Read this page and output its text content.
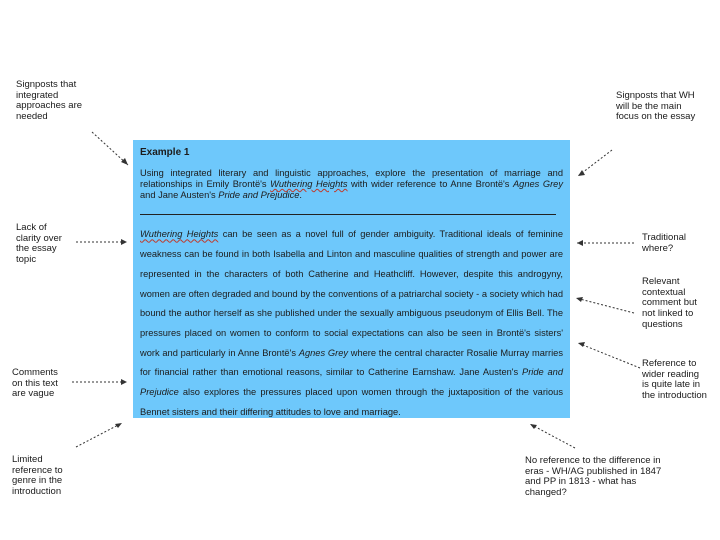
Signposts that integrated approaches are needed
Signposts that WH will be the main focus on the essay
Lack of clarity over the essay topic
Traditional where?
Relevant contextual comment but not linked to questions
Comments on this text are vague
Reference to wider reading is quite late in the introduction
Limited reference to genre in the introduction
No reference to the difference in eras - WH/AG published in 1847 and PP in 1813 - what has changed?
Example 1

Using integrated literary and linguistic approaches, explore the presentation of marriage and relationships in Emily Brontë's Wuthering Heights with wider reference to Anne Brontë's Agnes Grey and Jane Austen's Pride and Prejudice.

Wuthering Heights can be seen as a novel full of gender ambiguity. Traditional ideals of feminine weakness can be found in both Isabella and Linton and masculine qualities of strength and power are represented in the characters of both Catherine and Heathcliff. However, despite this androgyny, women are often degraded and bound by the conventions of a patriarchal society - a society which had bound the author herself as she published under the sexually ambiguous pseudonym of Ellis Bell. The pressures placed on women to conform to social expectations can also be seen in Brontë's sisters' work and particularly in Anne Brontë's Agnes Grey where the central character Rosalie Murray marries for financial rather than emotional reasons, similar to Catherine Earnshaw. Jane Austen's Pride and Prejudice also explores the pressures placed upon women through the juxtaposition of the various Bennet sisters and their differing attitudes to love and marriage.
